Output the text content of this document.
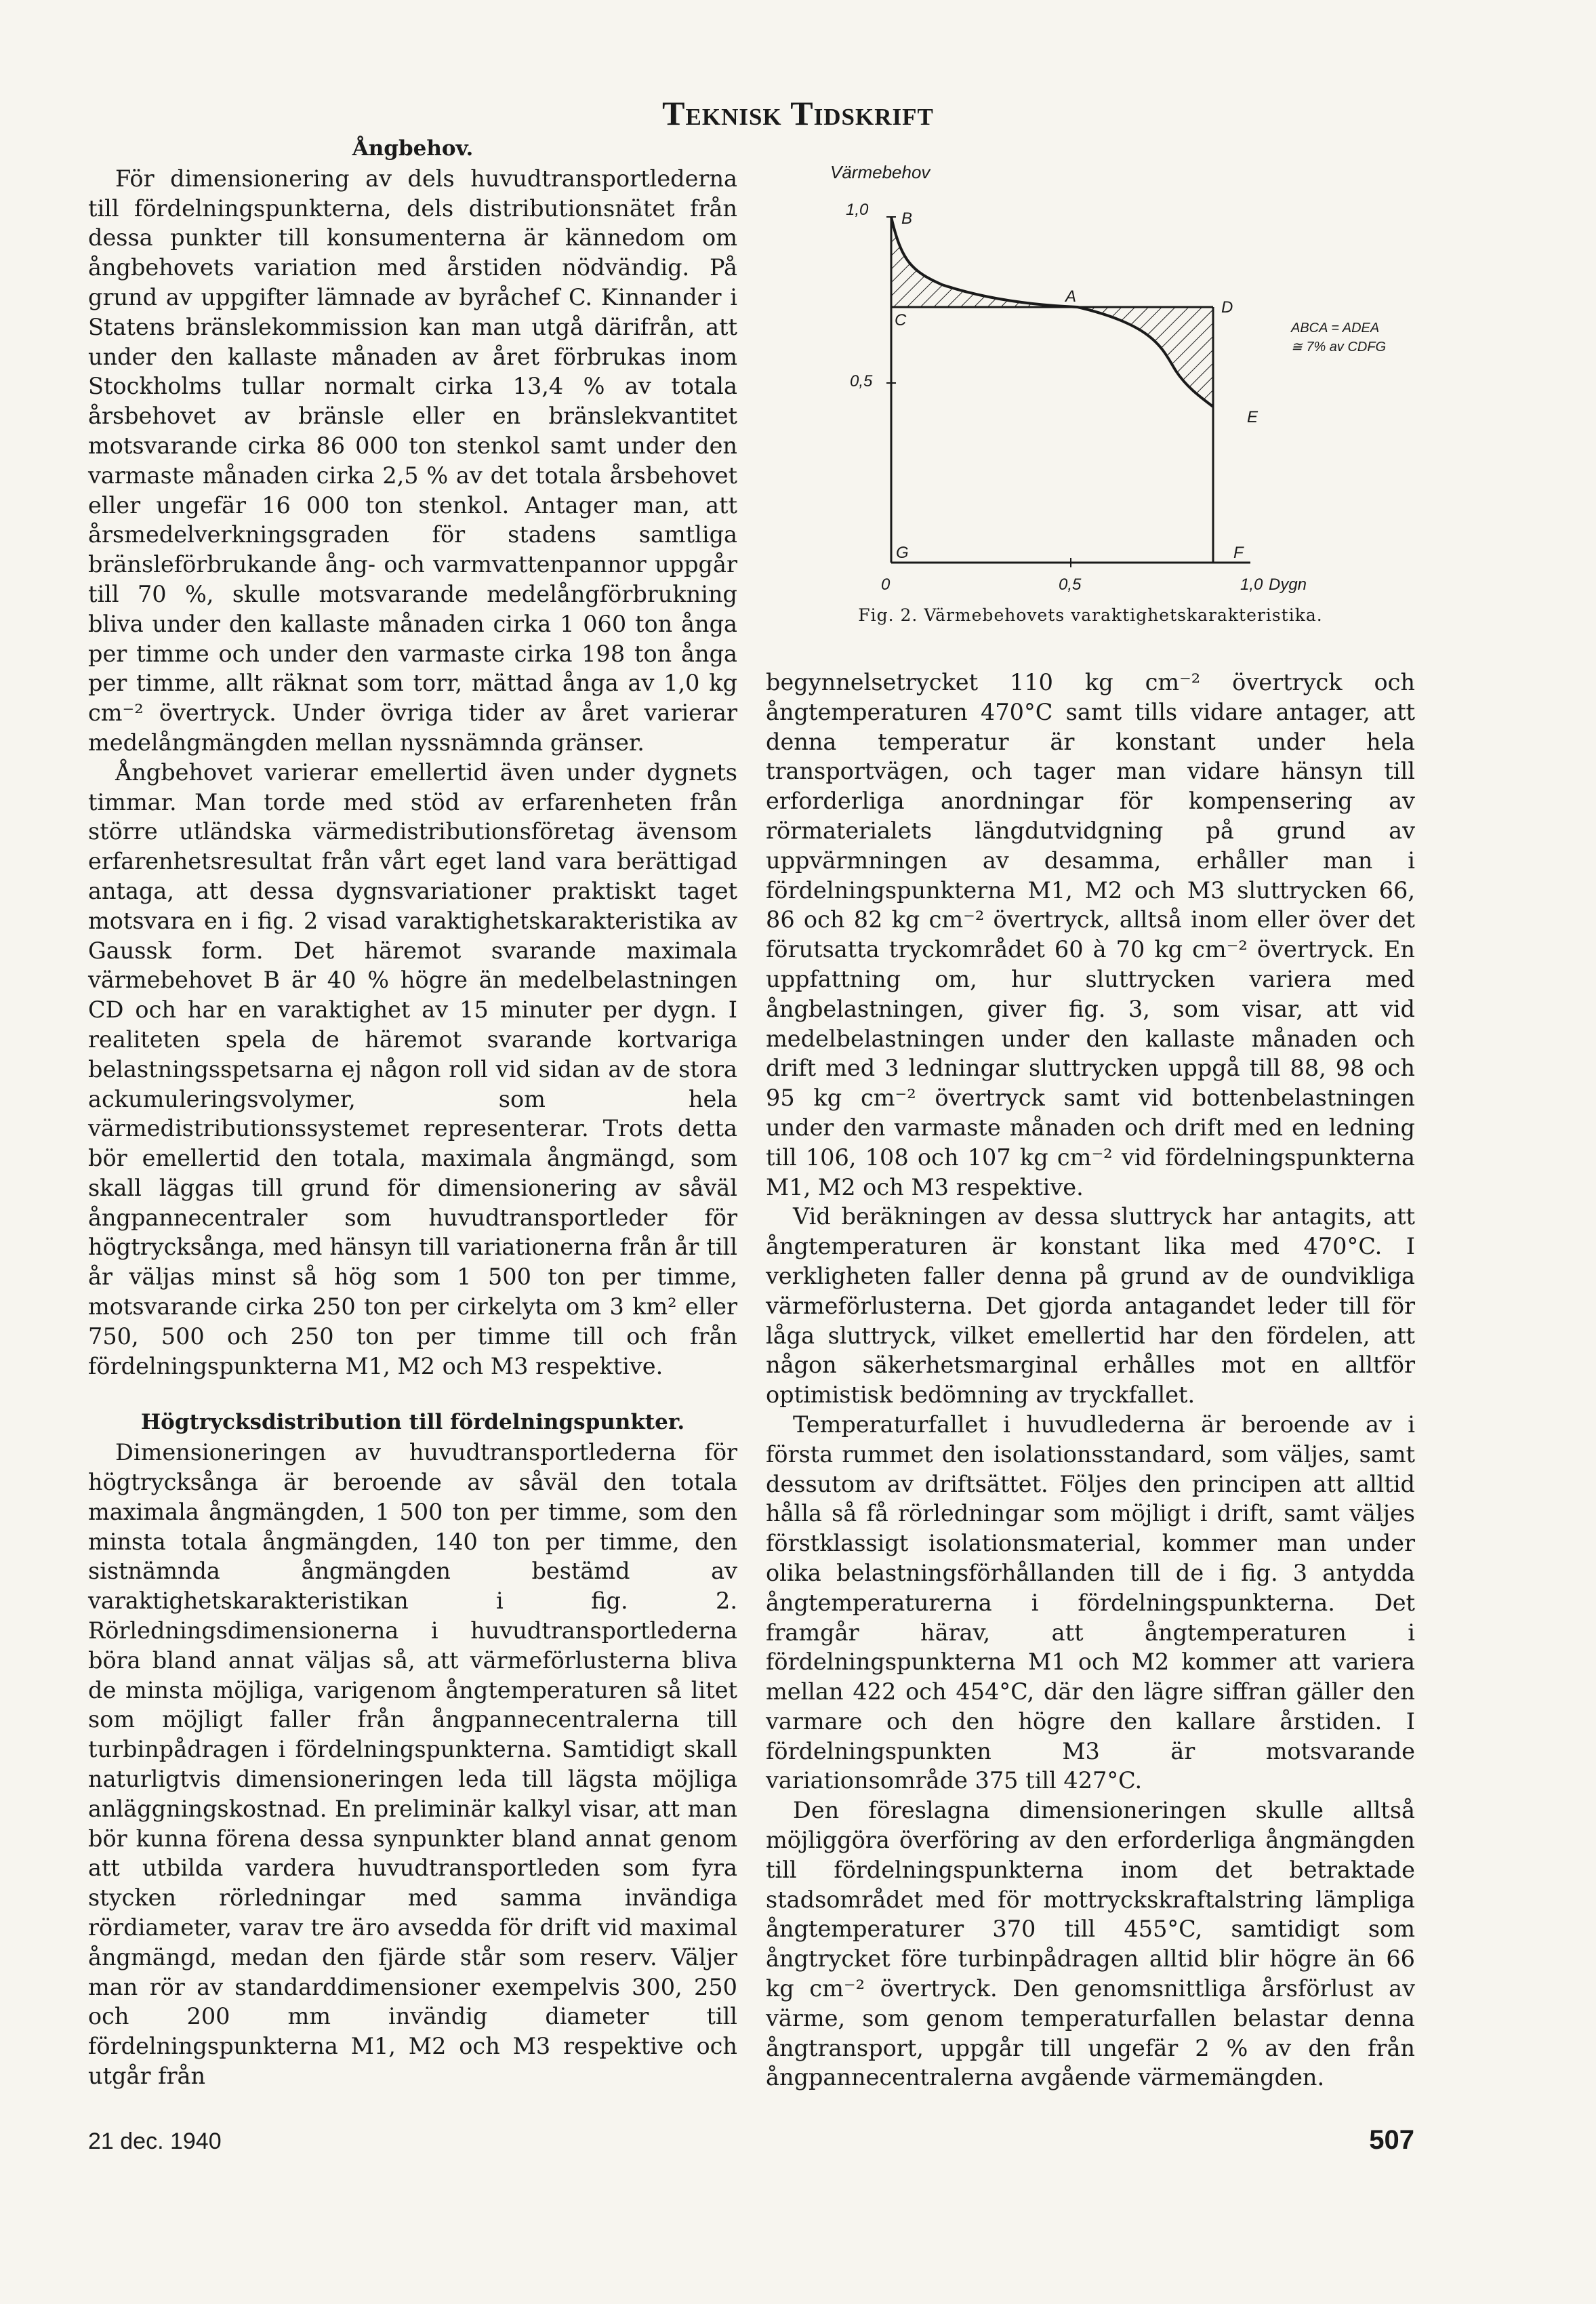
Teknisk Tidskrift
Ångbehov.

För dimensionering av dels huvudtransportlederna till fördelningspunkterna, dels distributionsnätet från dessa punkter till konsumenterna är kännedom om ångbehovets variation med årstiden nödvändig. På grund av uppgifter lämnade av byråchef C. Kinnander i Statens bränslekommission kan man utgå därifrån, att under den kallaste månaden av året förbrukas inom Stockholms tullar normalt cirka 13,4 % av totala årsbehovet av bränsle eller en bränslekvantitet motsvarande cirka 86 000 ton stenkol samt under den varmaste månaden cirka 2,5 % av det totala årsbehovet eller ungefär 16 000 ton stenkol. Antager man, att årsmedelverkningsgraden för stadens samtliga bränsleförbrukande ång- och varmvattenpannor uppgår till 70 %, skulle motsvarande medelångförbrukning bliva under den kallaste månaden cirka 1 060 ton ånga per timme och under den varmaste cirka 198 ton ånga per timme, allt räknat som torr, mättad ånga av 1,0 kg cm⁻² övertryck. Under övriga tider av året varierar medelångmängden mellan nyssnämnda gränser.

Ångbehovet varierar emellertid även under dygnets timmar. Man torde med stöd av erfarenheten från större utländska värmedistributionsföretag ävensom erfarenhetsresultat från vårt eget land vara berättigad antaga, att dessa dygnsvariationer praktiskt taget motsvara en i fig. 2 visad varaktighetskarakteristika av Gaussk form. Det häremot svarande maximala värmebehovet B är 40 % högre än medelbelastningen CD och har en varaktighet av 15 minuter per dygn. I realiteten spela de häremot svarande kortvariga belastningsspetsarna ej någon roll vid sidan av de stora ackumuleringsvolymer, som hela värmedistributionssystemet representerar. Trots detta bör emellertid den totala, maximala ångmängd, som skall läggas till grund för dimensionering av såväl ångpannecentraler som huvudtransportleder för högtrycksånga, med hänsyn till variationerna från år till år väljas minst så hög som 1 500 ton per timme, motsvarande cirka 250 ton per cirkelyta om 3 km² eller 750, 500 och 250 ton per timme till och från fördelningspunkterna M1, M2 och M3 respektive.

Högtrycksdistribution till fördelningspunkter.

Dimensioneringen av huvudtransportlederna för högtrycksånga är beroende av såväl den totala maximala ångmängden, 1 500 ton per timme, som den minsta totala ångmängden, 140 ton per timme, den sistnämnda ångmängden bestämd av varaktighetskarakteristikan i fig. 2. Rörledningsdimensionerna i huvudtransportlederna böra bland annat väljas så, att värmeförlusterna bliva de minsta möjliga, varigenom ångtemperaturen så litet som möjligt faller från ångpannecentralerna till turbinpådragen i fördelningspunkterna. Samtidigt skall naturligtvis dimensioneringen leda till lägsta möjliga anläggningskostnad. En preliminär kalkyl visar, att man bör kunna förena dessa synpunkter bland annat genom att utbilda vardera huvudtransportleden som fyra stycken rörledningar med samma invändiga rördiameter, varav tre äro avsedda för drift vid maximal ångmängd, medan den fjärde står som reserv. Väljer man rör av standarddimensioner exempelvis 300, 250 och 200 mm invändig diameter till fördelningspunkterna M1, M2 och M3 respektive och utgår från

Värmebehov
1,0
0,5
0	0,5	1,0 Dygn
B
C
A
D
E
F
G
ABCA = ADEA
≅ 7% av CDFG
Fig. 2. Värmebehovets varaktighetskarakteristika.

begynnelsetrycket 110 kg cm⁻² övertryck och ångtemperaturen 470°C samt tills vidare antager, att denna temperatur är konstant under hela transportvägen, och tager man vidare hänsyn till erforderliga anordningar för kompensering av rörmaterialets längdutvidgning på grund av uppvärmningen av desamma, erhåller man i fördelningspunkterna M1, M2 och M3 sluttrycken 66, 86 och 82 kg cm⁻² övertryck, alltså inom eller över det förutsatta tryckområdet 60 à 70 kg cm⁻² övertryck. En uppfattning om, hur sluttrycken variera med ångbelastningen, giver fig. 3, som visar, att vid medelbelastningen under den kallaste månaden och drift med 3 ledningar sluttrycken uppgå till 88, 98 och 95 kg cm⁻² övertryck samt vid bottenbelastningen under den varmaste månaden och drift med en ledning till 106, 108 och 107 kg cm⁻² vid fördelningspunkterna M1, M2 och M3 respektive.

Vid beräkningen av dessa sluttryck har antagits, att ångtemperaturen är konstant lika med 470°C. I verkligheten faller denna på grund av de oundvikliga värmeförlusterna. Det gjorda antagandet leder till för låga sluttryck, vilket emellertid har den fördelen, att någon säkerhetsmarginal erhålles mot en alltför optimistisk bedömning av tryckfallet.

Temperaturfallet i huvudlederna är beroende av i första rummet den isolationsstandard, som väljes, samt dessutom av driftsättet. Följes den principen att alltid hålla så få rörledningar som möjligt i drift, samt väljes förstklassigt isolationsmaterial, kommer man under olika belastningsförhållanden till de i fig. 3 antydda ångtemperaturerna i fördelningspunkterna. Det framgår härav, att ångtemperaturen i fördelningspunkterna M1 och M2 kommer att variera mellan 422 och 454°C, där den lägre siffran gäller den varmare och den högre den kallare årstiden. I fördelningspunkten M3 är motsvarande variationsområde 375 till 427°C.

Den föreslagna dimensioneringen skulle alltså möjliggöra överföring av den erforderliga ångmängden till fördelningspunkterna inom det betraktade stadsområdet med för mottryckskraftalstring lämpliga ångtemperaturer 370 till 455°C, samtidigt som ångtrycket före turbinpådragen alltid blir högre än 66 kg cm⁻² övertryck. Den genomsnittliga årsförlust av värme, som genom temperaturfallen belastar denna ångtransport, uppgår till ungefär 2 % av den från ångpannecentralerna avgående värmemängden.

21 dec. 1940	507
